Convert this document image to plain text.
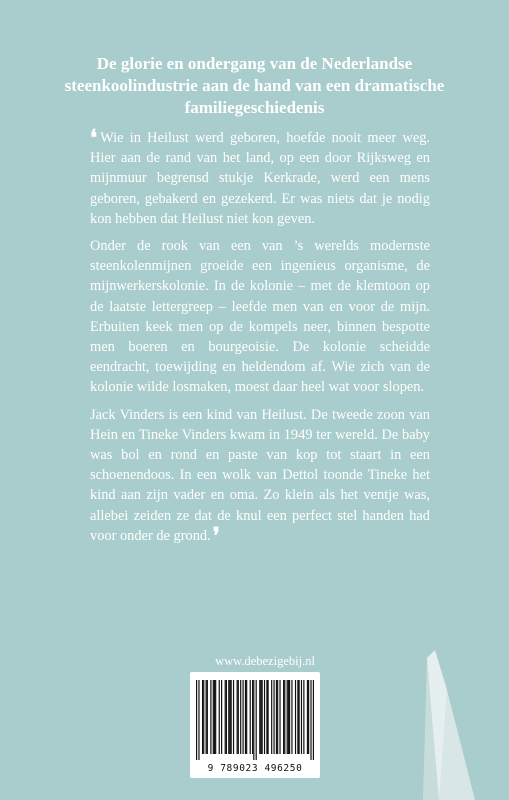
De glorie en ondergang van de Nederlandse steenkoolindustrie aan de hand van een dramatische familiegeschiedenis

❛ Wie in Heilust werd geboren, hoefde nooit meer weg. Hier aan de rand van het land, op een door Rijksweg en mijnmuur begrensd stukje Kerkrade, werd een mens geboren, gebakerd en gezekerd. Er was niets dat je nodig kon hebben dat Heilust niet kon geven.

Onder de rook van een van ’s werelds modernste steenkolenmijnen groeide een ingenieus organisme, de mijnwerkerskolonie. In de kolonie – met de klemtoon op de laatste lettergreep – leefde men van en voor de mijn. Erbuiten keek men op de kompels neer, binnen bespotte men boeren en bourgeoisie. De kolonie scheidde eendracht, toewijding en heldendom af. Wie zich van de kolonie wilde losmaken, moest daar heel wat voor slopen.

Jack Vinders is een kind van Heilust. De tweede zoon van Hein en Tineke Vinders kwam in 1949 ter wereld. De baby was bol en rond en paste van kop tot staart in een schoenendoos. In een wolk van Dettol toonde Tineke het kind aan zijn vader en oma. Zo klein als het ventje was, allebei zeiden ze dat de knul een perfect stel handen had voor onder de grond.❜

www.debezigebij.nl
9 789023 496250
